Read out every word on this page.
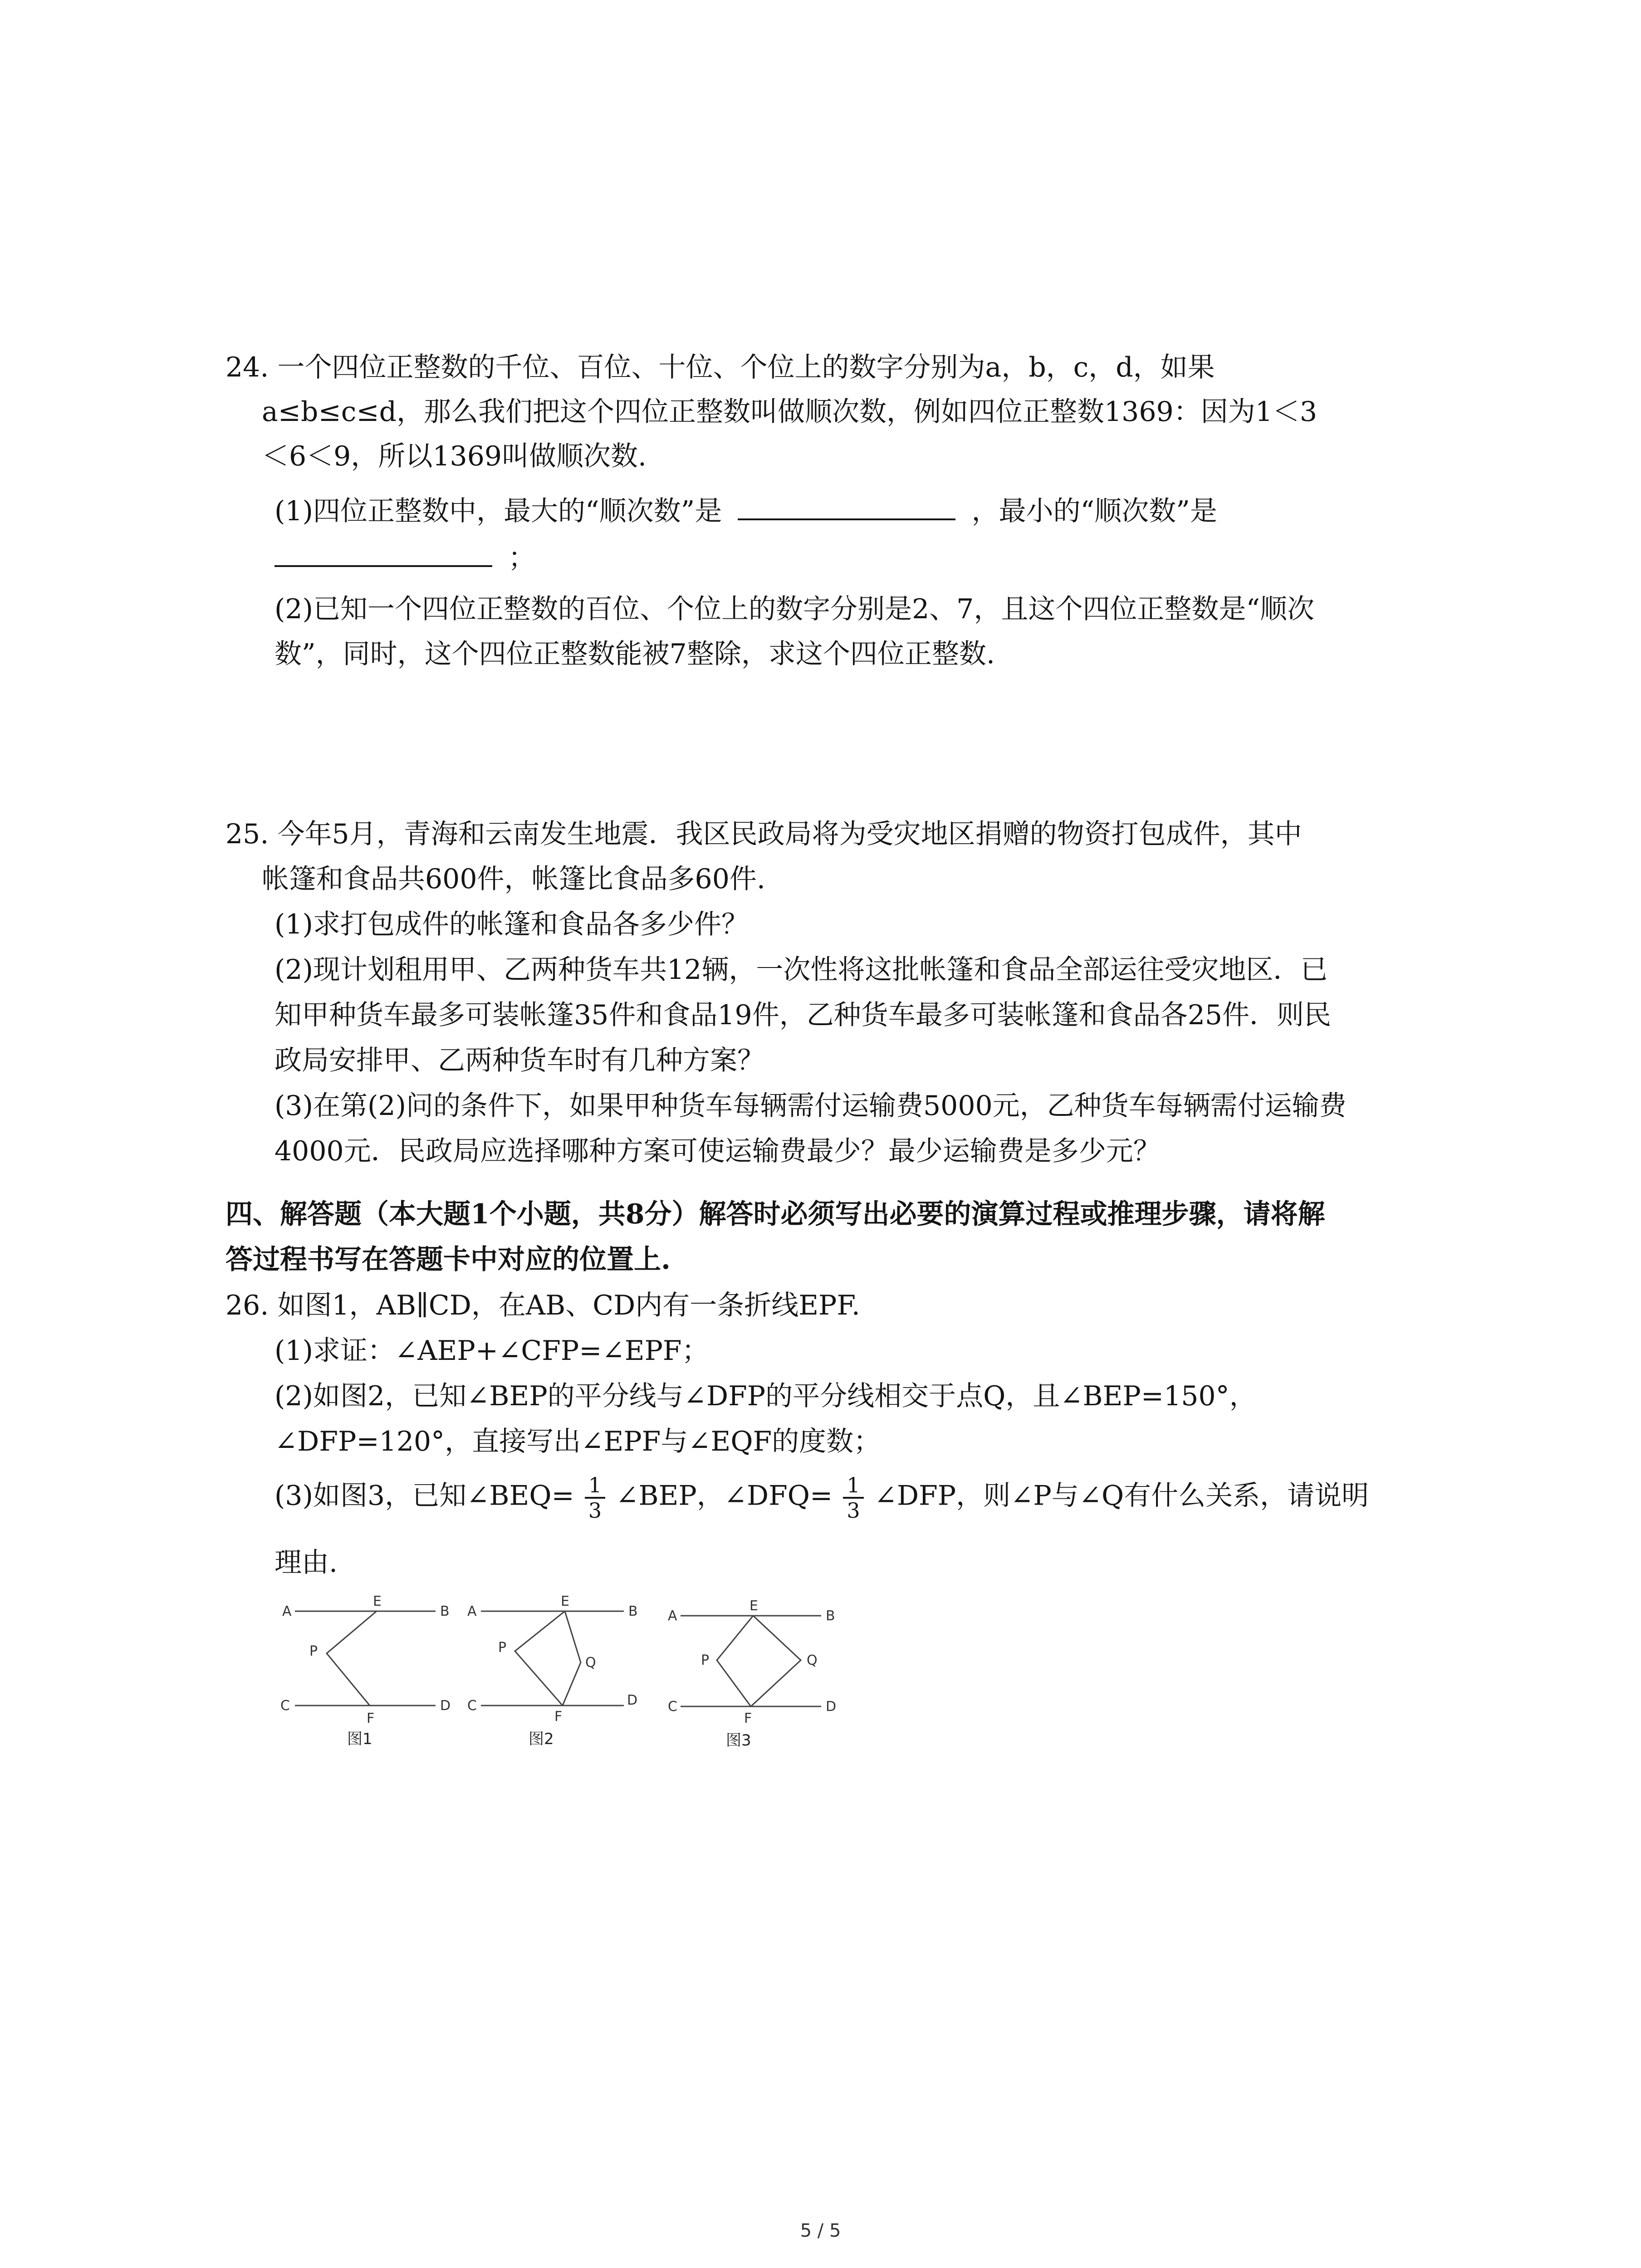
24. 一个四位正整数的千位、百位、十位、个位上的数字分别为a，b，c，d，如果
a≤b≤c≤d，那么我们把这个四位正整数叫做顺次数，例如四位正整数1369：因为1＜3
＜6＜9，所以1369叫做顺次数.
(1)四位正整数中，最大的“顺次数”是	，最小的“顺次数”是
；
(2)已知一个四位正整数的百位、个位上的数字分别是2、7，且这个四位正整数是“顺次
数”，同时，这个四位正整数能被7整除，求这个四位正整数.
25. 今年5月，青海和云南发生地震．我区民政局将为受灾地区捐赠的物资打包成件，其中
帐篷和食品共600件，帐篷比食品多60件.
(1)求打包成件的帐篷和食品各多少件？
(2)现计划租用甲、乙两种货车共12辆，一次性将这批帐篷和食品全部运往受灾地区．已
知甲种货车最多可装帐篷35件和食品19件，乙种货车最多可装帐篷和食品各25件．则民
政局安排甲、乙两种货车时有几种方案？
(3)在第(2)问的条件下，如果甲种货车每辆需付运输费5000元，乙种货车每辆需付运输费
4000元．民政局应选择哪种方案可使运输费最少？最少运输费是多少元？
四、解答题（本大题1个小题，共8分）解答时必须写出必要的演算过程或推理步骤，请将解
答过程书写在答题卡中对应的位置上.
26. 如图1，AB∥CD，在AB、CD内有一条折线EPF.
(1)求证：∠AEP+∠CFP=∠EPF；
(2)如图2，已知∠BEP的平分线与∠DFP的平分线相交于点Q，且∠BEP=150°，
∠DFP=120°，直接写出∠EPF与∠EQF的度数；
(3)如图3，已知∠BEQ= $\frac{1}{3}$ ∠BEP，∠DFQ= $\frac{1}{3}$ ∠DFP，则∠P与∠Q有什么关系，请说明
理由.
A
E
B
P
C
F
D
图1
A
E
B
P
Q
C
F
D
图2
A
E
B
P	Q
C
F
D
图3
5 / 5
